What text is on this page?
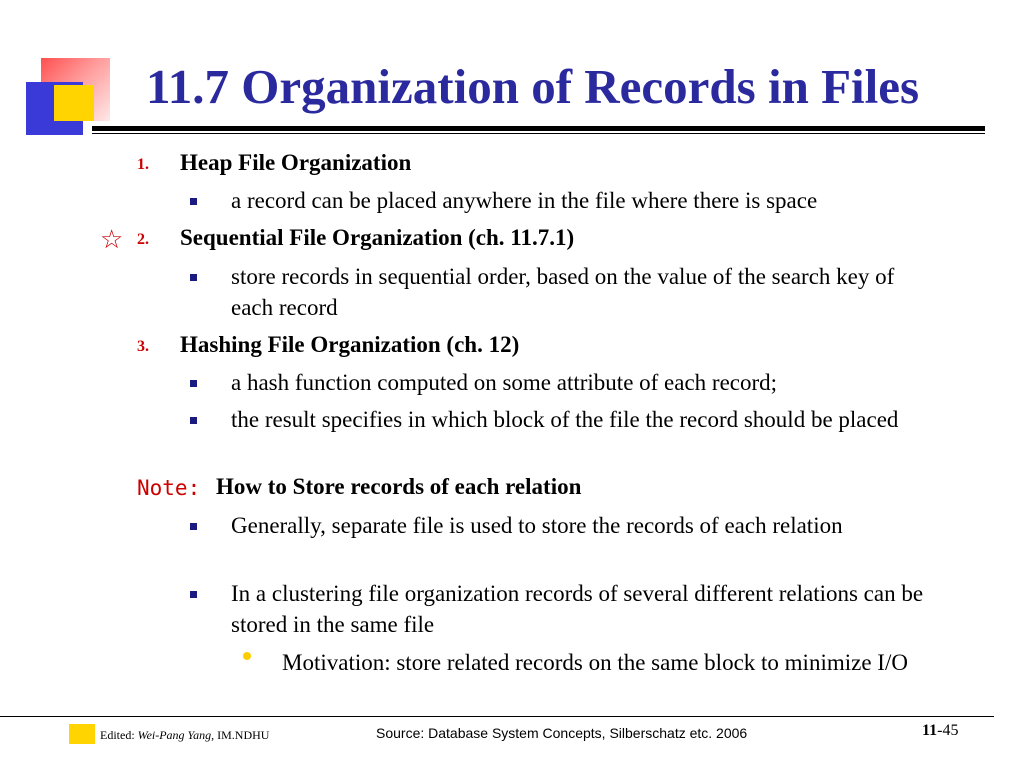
11.7 Organization of Records in Files
1. Heap File Organization
a record can be placed anywhere in the file where there is space
☆ 2. Sequential File Organization (ch. 11.7.1)
store records in sequential order, based on the value of the search key of each record
3. Hashing File Organization (ch. 12)
a hash function computed on some attribute of each record;
the result specifies in which block of the file the record should be placed
Note: How to Store records of each relation
Generally, separate file is used to store the records of each relation
In a clustering file organization records of several different relations can be stored in the same file
Motivation: store related records on the same block to minimize I/O
Edited: Wei-Pang Yang, IM.NDHU	Source: Database System Concepts, Silberschatz etc. 2006	11-45
